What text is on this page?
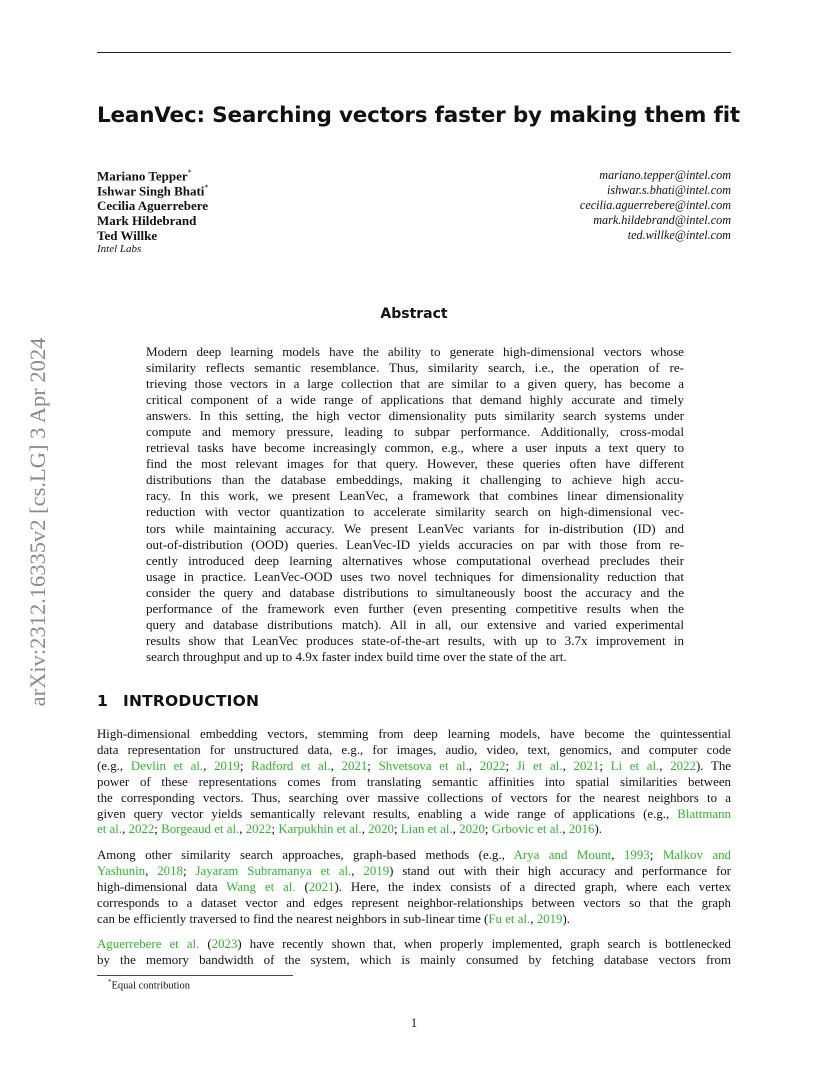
arXiv:2312.16335v2 [cs.LG] 3 Apr 2024
LeanVec: Searching vectors faster by making them fit
Mariano Tepper*	mariano.tepper@intel.com
Ishwar Singh Bhati*	ishwar.s.bhati@intel.com
Cecilia Aguerrebere	cecilia.aguerrebere@intel.com
Mark Hildebrand	mark.hildebrand@intel.com
Ted Willke	ted.willke@intel.com
Intel Labs
Abstract
Modern deep learning models have the ability to generate high-dimensional vectors whose
similarity reflects semantic resemblance. Thus, similarity search, i.e., the operation of re-
trieving those vectors in a large collection that are similar to a given query, has become a
critical component of a wide range of applications that demand highly accurate and timely
answers. In this setting, the high vector dimensionality puts similarity search systems under
compute and memory pressure, leading to subpar performance. Additionally, cross-modal
retrieval tasks have become increasingly common, e.g., where a user inputs a text query to
find the most relevant images for that query. However, these queries often have different
distributions than the database embeddings, making it challenging to achieve high accu-
racy. In this work, we present LeanVec, a framework that combines linear dimensionality
reduction with vector quantization to accelerate similarity search on high-dimensional vec-
tors while maintaining accuracy. We present LeanVec variants for in-distribution (ID) and
out-of-distribution (OOD) queries. LeanVec-ID yields accuracies on par with those from re-
cently introduced deep learning alternatives whose computational overhead precludes their
usage in practice. LeanVec-OOD uses two novel techniques for dimensionality reduction that
consider the query and database distributions to simultaneously boost the accuracy and the
performance of the framework even further (even presenting competitive results when the
query and database distributions match). All in all, our extensive and varied experimental
results show that LeanVec produces state-of-the-art results, with up to 3.7x improvement in
search throughput and up to 4.9x faster index build time over the state of the art.
1 INTRODUCTION
High-dimensional embedding vectors, stemming from deep learning models, have become the quintessential
data representation for unstructured data, e.g., for images, audio, video, text, genomics, and computer code
(e.g., Devlin et al., 2019; Radford et al., 2021; Shvetsova et al., 2022; Ji et al., 2021; Li et al., 2022). The
power of these representations comes from translating semantic affinities into spatial similarities between
the corresponding vectors. Thus, searching over massive collections of vectors for the nearest neighbors to a
given query vector yields semantically relevant results, enabling a wide range of applications (e.g., Blattmann
et al., 2022; Borgeaud et al., 2022; Karpukhin et al., 2020; Lian et al., 2020; Grbovic et al., 2016).
Among other similarity search approaches, graph-based methods (e.g., Arya and Mount, 1993; Malkov and
Yashunin, 2018; Jayaram Subramanya et al., 2019) stand out with their high accuracy and performance for
high-dimensional data Wang et al. (2021). Here, the index consists of a directed graph, where each vertex
corresponds to a dataset vector and edges represent neighbor-relationships between vectors so that the graph
can be efficiently traversed to find the nearest neighbors in sub-linear time (Fu et al., 2019).
Aguerrebere et al. (2023) have recently shown that, when properly implemented, graph search is bottlenecked
by the memory bandwidth of the system, which is mainly consumed by fetching database vectors from
*Equal contribution
1
